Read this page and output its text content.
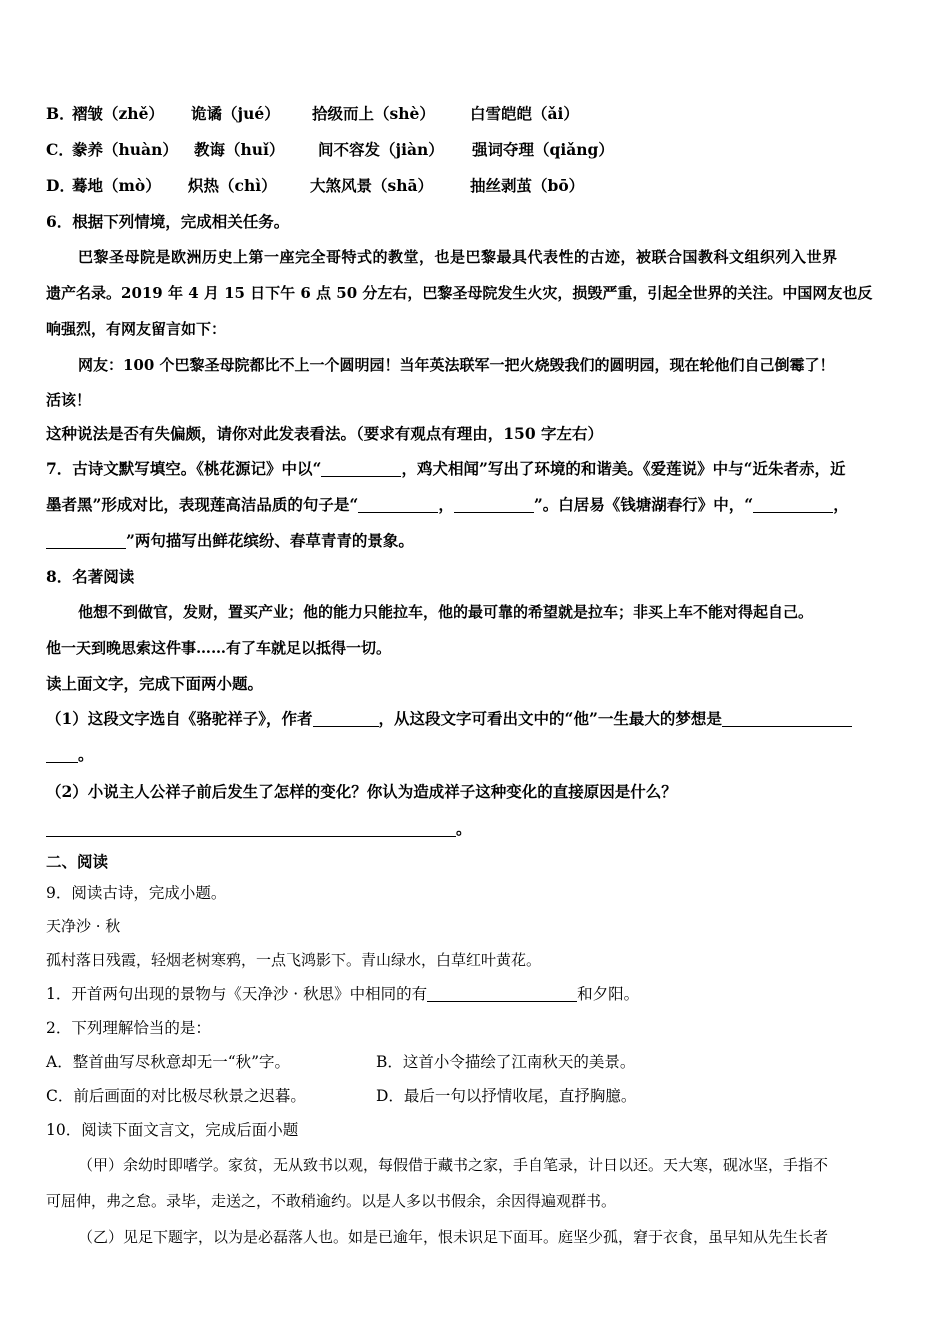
B．
褶皱（zhě） 诡谲（jué） 拾级而上（shè） 白雪皑皑（ǎi）
C．
豢养（huàn） 教诲（huǐ） 间不容发（jiàn） 强词夺理（qiǎng）
D．
蓦地（mò） 炽热（chì） 大煞风景（shā） 抽丝剥茧（bō）
6．根据下列情境，完成相关任务。
巴黎圣母院是欧洲历史上第一座完全哥特式的教堂，也是巴黎最具代表性的古迹，被联合国教科文组织列入世界
遗产名录。2019 年 4 月 15 日下午 6 点 50 分左右，巴黎圣母院发生火灾，损毁严重，引起全世界的关注。中国网友也反
响强烈，有网友留言如下：
网友：100 个巴黎圣母院都比不上一个圆明园！当年英法联军一把火烧毁我们的圆明园，现在轮他们自己倒霉了！
活该！
这种说法是否有失偏颇，请你对此发表看法。（要求有观点有理由，150 字左右）
7．古诗文默写填空。《桃花源记》中以“	，鸡犬相闻”写出了环境的和谐美。《爱莲说》中与“近朱者赤，近
墨者黑”形成对比，表现莲高洁品质的句子是“	，	”。白居易《钱塘湖春行》中，“	，
”两句描写出鲜花缤纷、春草青青的景象。
8．名著阅读
他想不到做官，发财，置买产业；他的能力只能拉车，他的最可靠的希望就是拉车；非买上车不能对得起自己。
他一天到晚思索这件事……有了车就足以抵得一切。
读上面文字，完成下面两小题。
（1）这段文字选自《骆驼祥子》，作者	，从这段文字可看出文中的“他”一生最大的梦想是
。
（2）小说主人公祥子前后发生了怎样的变化？你认为造成祥子这种变化的直接原因是什么？
。
二、阅读
9．阅读古诗，完成小题。
天净沙 · 秋
孤村落日残霞，轻烟老树寒鸦，一点飞鸿影下。青山绿水，白草红叶黄花。
1．开首两句出现的景物与《天净沙 · 秋思》中相同的有	和夕阳。
2．下列理解恰当的是：
A．整首曲写尽秋意却无一“秋”字。	B．这首小令描绘了江南秋天的美景。
C．前后画面的对比极尽秋景之迟暮。	D．最后一句以抒情收尾，直抒胸臆。
10．阅读下面文言文，完成后面小题
（甲）余幼时即嗜学。家贫，无从致书以观，每假借于藏书之家，手自笔录，计日以还。天大寒，砚冰坚，手指不
可屈伸，弗之怠。录毕，走送之，不敢稍逾约。以是人多以书假余，余因得遍观群书。
（乙）见足下题字，以为是必磊落人也。如是已逾年，恨未识足下面耳。庭坚少孤，窘于衣食，虽早知从先生长者
